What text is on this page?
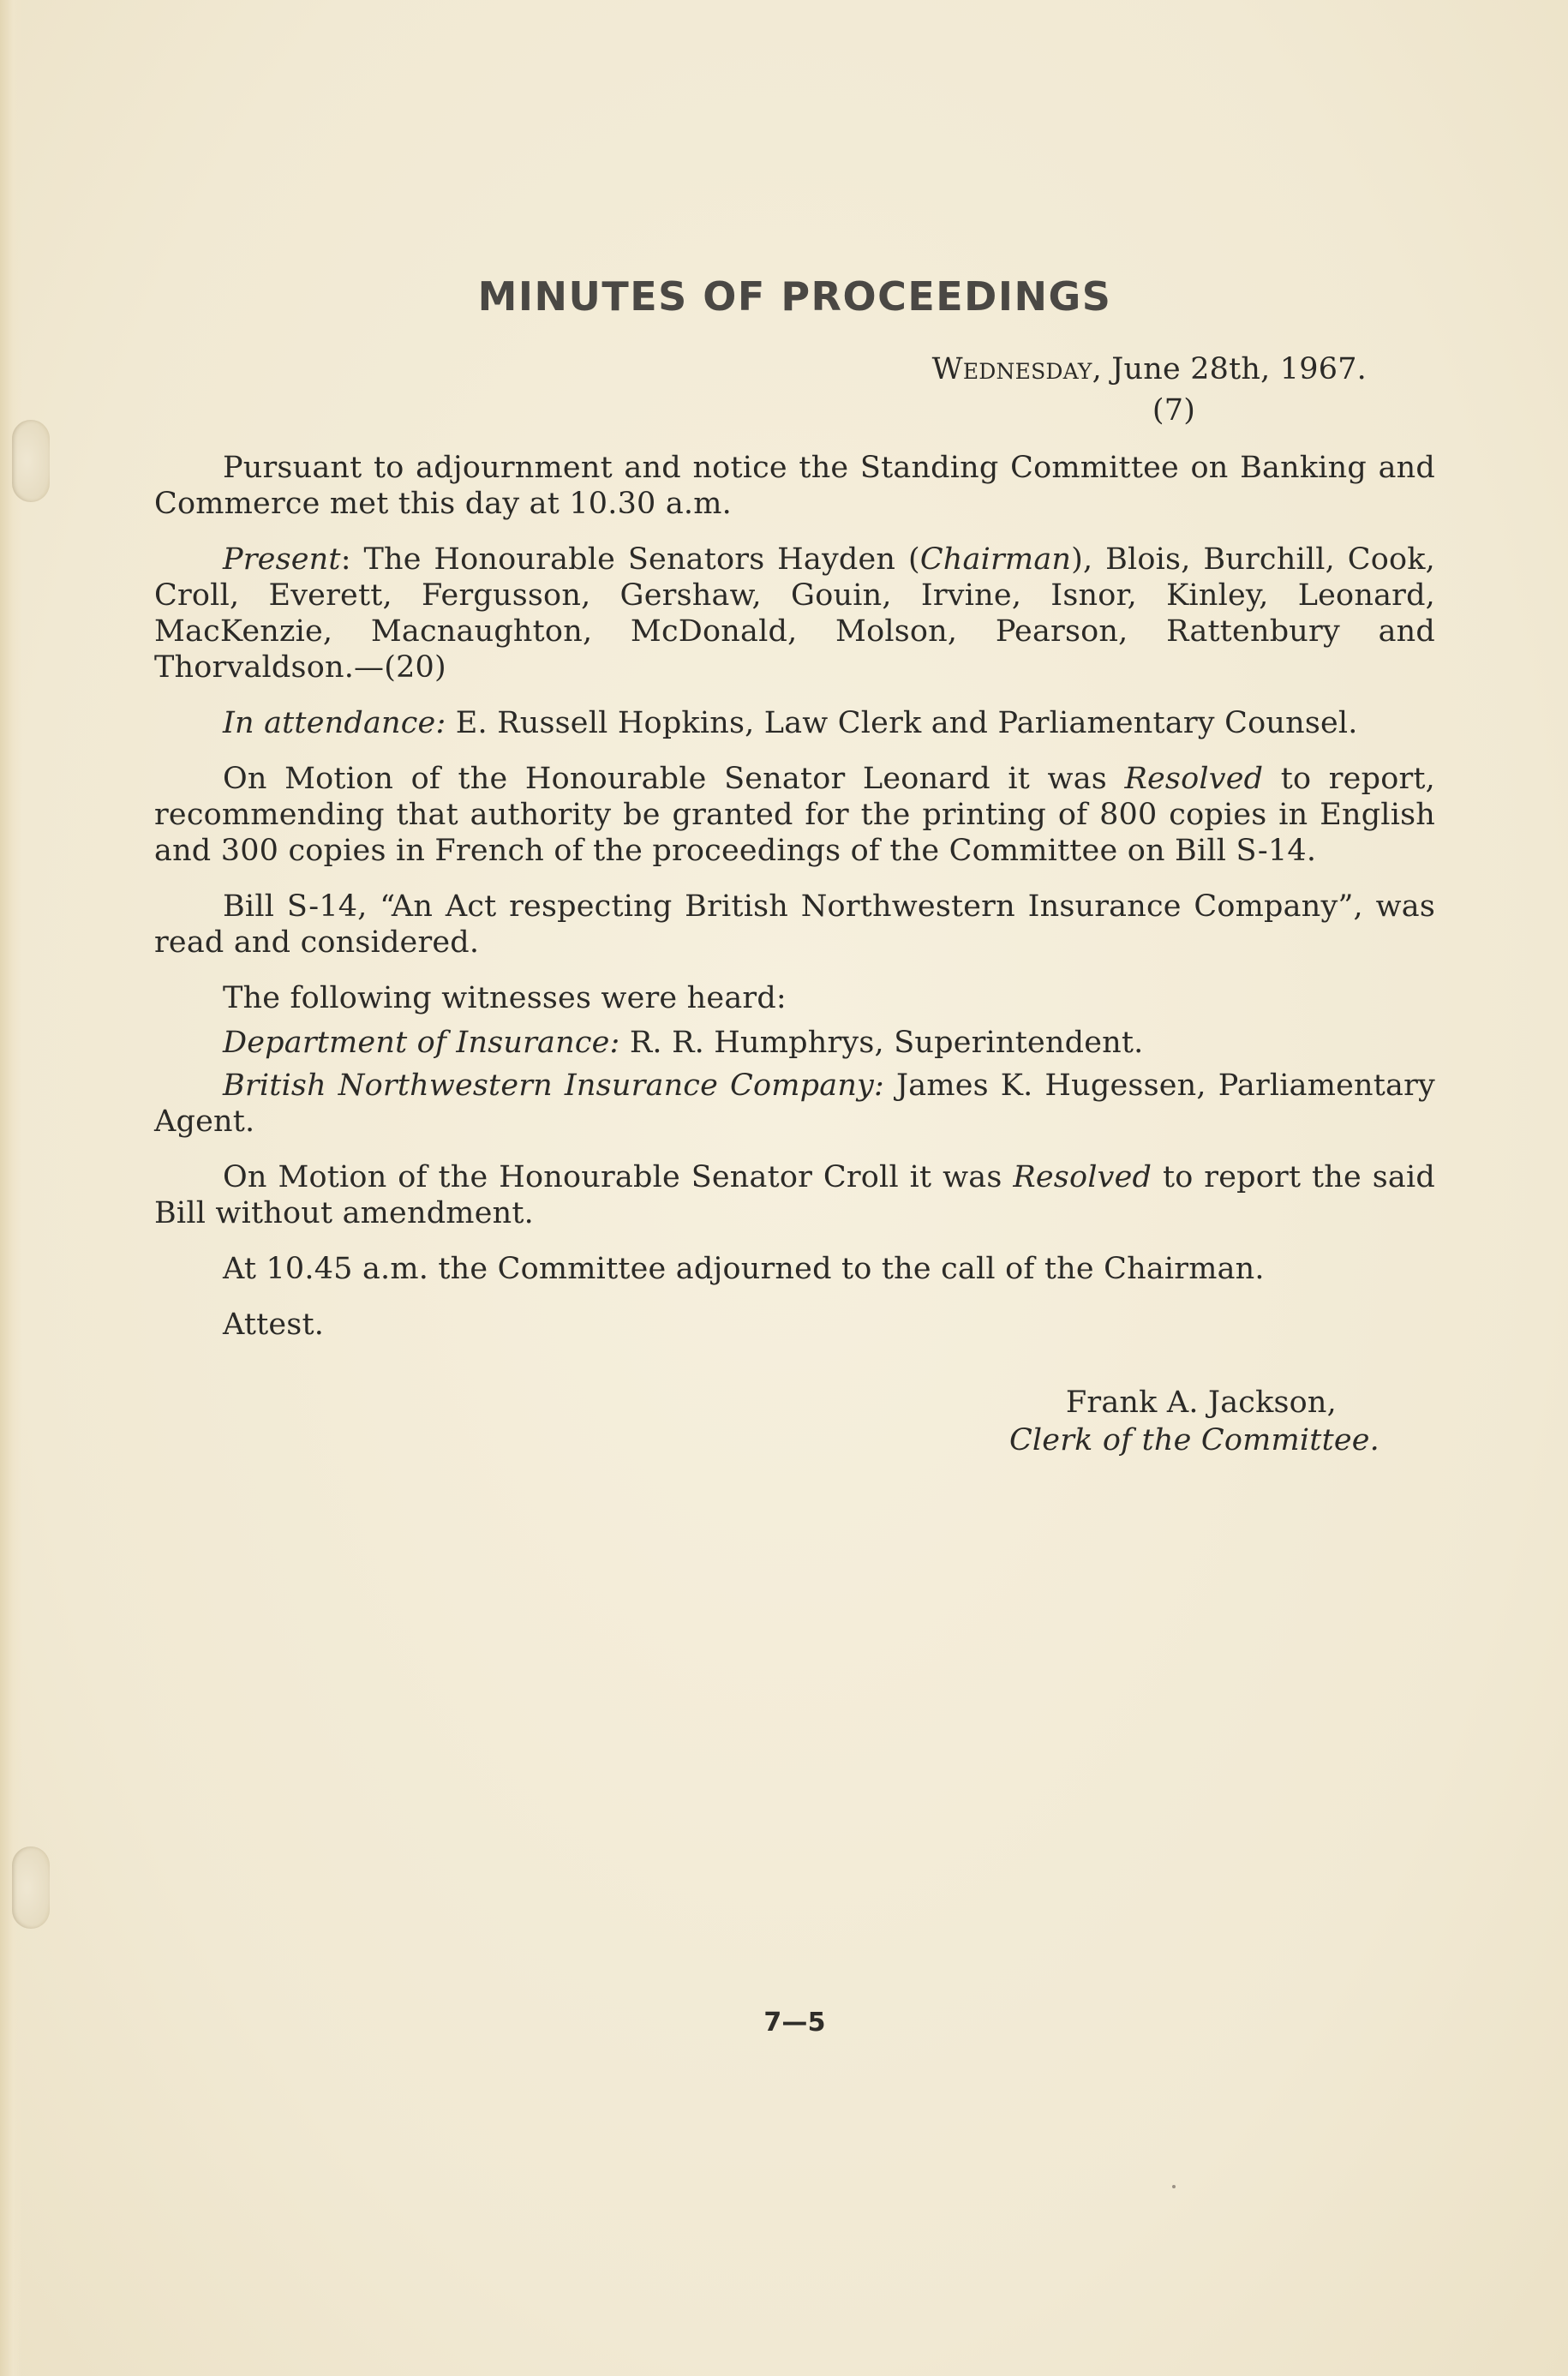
MINUTES OF PROCEEDINGS
Wednesday, June 28th, 1967.
(7)

Pursuant to adjournment and notice the Standing Committee on Banking and Commerce met this day at 10.30 a.m.

Present: The Honourable Senators Hayden (Chairman), Blois, Burchill, Cook, Croll, Everett, Fergusson, Gershaw, Gouin, Irvine, Isnor, Kinley, Leonard, MacKenzie, Macnaughton, McDonald, Molson, Pearson, Rattenbury and Thorvaldson.—(20)

In attendance: E. Russell Hopkins, Law Clerk and Parliamentary Counsel.

On Motion of the Honourable Senator Leonard it was Resolved to report, recommending that authority be granted for the printing of 800 copies in English and 300 copies in French of the proceedings of the Committee on Bill S-14.

Bill S-14, “An Act respecting British Northwestern Insurance Company”, was read and considered.

The following witnesses were heard:

Department of Insurance: R. R. Humphrys, Superintendent.

British Northwestern Insurance Company: James K. Hugessen, Parliamentary Agent.

On Motion of the Honourable Senator Croll it was Resolved to report the said Bill without amendment.

At 10.45 a.m. the Committee adjourned to the call of the Chairman.

Attest.

Frank A. Jackson,
Clerk of the Committee.
7—5
